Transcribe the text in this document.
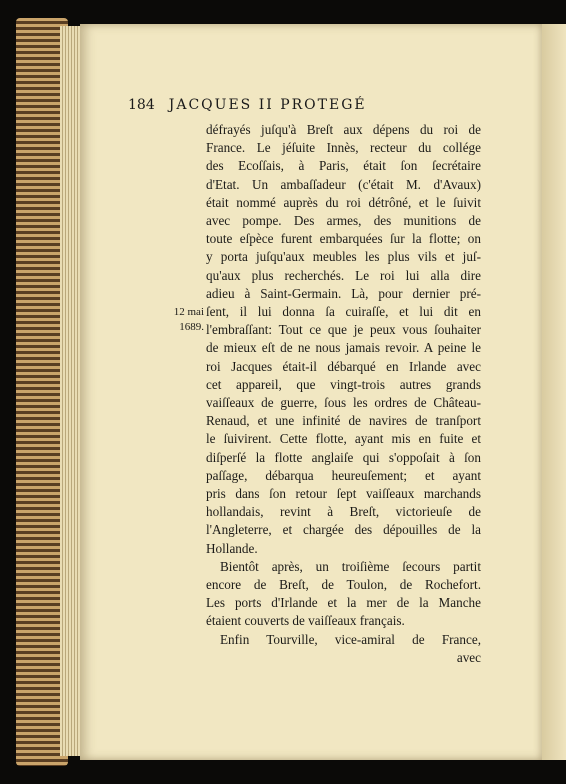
184 JACQUES II PROTEGÉ
12 mai
1689.
défrayés juſqu'à Breſt aux dépens du roi de
France. Le jéſuite Innès, recteur du collége
des Ecoſſais, à Paris, était ſon ſecrétaire
d'Etat. Un ambaſſadeur (c'était M. d'Avaux)
était nommé auprès du roi détrôné, et le ſuivit
avec pompe. Des armes, des munitions de
toute eſpèce furent embarquées ſur la flotte; on
y porta juſqu'aux meubles les plus vils et juſ-
qu'aux plus recherchés. Le roi lui alla dire
adieu à Saint-Germain. Là, pour dernier pré-
ſent, il lui donna ſa cuiraſſe, et lui dit en
l'embraſſant: Tout ce que je peux vous ſouhaiter
de mieux eſt de ne nous jamais revoir. A peine le
roi Jacques était-il débarqué en Irlande avec
cet appareil, que vingt-trois autres grands
vaiſſeaux de guerre, ſous les ordres de Château-
Renaud, et une infinité de navires de tranſport
le ſuivirent. Cette flotte, ayant mis en fuite et
diſperſé la flotte anglaiſe qui s'oppoſait à ſon
paſſage, débarqua heureuſement; et ayant
pris dans ſon retour ſept vaiſſeaux marchands
hollandais, revint à Breſt, victorieuſe de
l'Angleterre, et chargée des dépouilles de la
Hollande.
Bientôt après, un troiſième ſecours partit
encore de Breſt, de Toulon, de Rochefort.
Les ports d'Irlande et la mer de la Manche
étaient couverts de vaiſſeaux français.
Enfin Tourville, vice-amiral de France,
avec
